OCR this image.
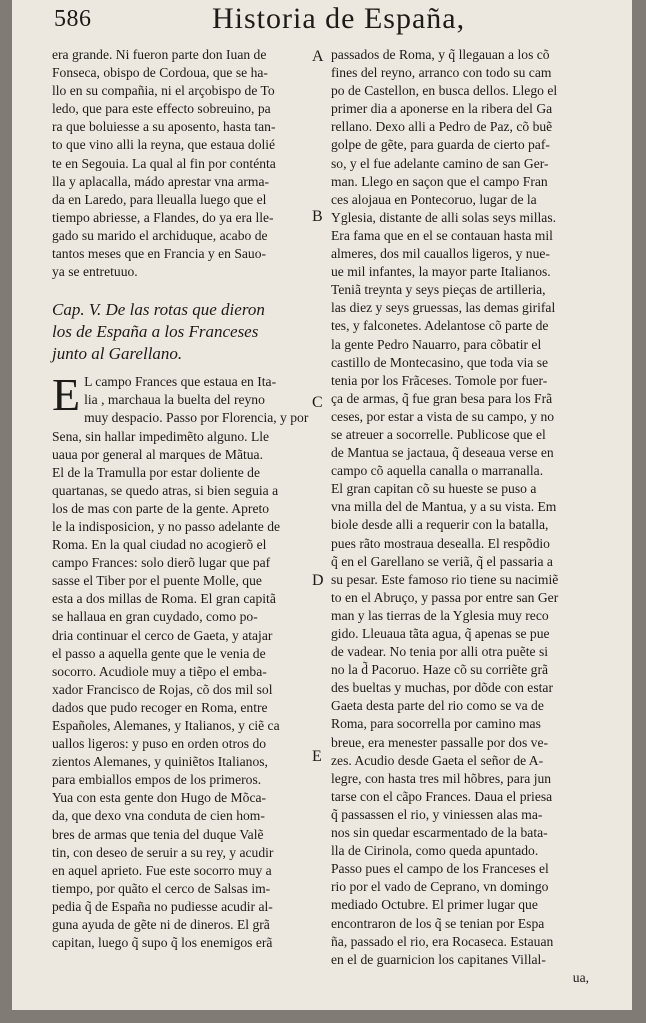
586	Historia de España,
A
B
C
D
E
era grande. Ni fueron parte don Iuan de
Fonseca, obispo de Cordoua, que se ha-
llo en su compañia, ni el arçobispo de To
ledo, que para este effecto sobreuino, pa
ra que boluiesse a su aposento, hasta tan-
to que vino alli la reyna, que estaua dolié
te en Segouia. La qual al fin por conténta
lla y aplacalla, mádo aprestar vna arma-
da en Laredo, para lleualla luego que el
tiempo abriesse, a Flandes, do ya era lle-
gado su marido el archiduque, acabo de
tantos meses que en Francia y en Sauo-
ya se entretuuo.
Cap. V. De las rotas que dieron
los de España a los Franceses
junto al Garellano.
E L campo Frances que estaua en Ita-
lia , marchaua la buelta del reyno
muy despacio. Passo por Florencia, y por
Sena, sin hallar impedimẽto alguno. Lle
uaua por general al marques de Mãtua.
El de la Tramulla por estar doliente de
quartanas, se quedo atras, si bien seguia a
los de mas con parte de la gente. Apreto
le la indisposicion, y no passo adelante de
Roma. En la qual ciudad no acogierõ el
campo Frances: solo dierõ lugar que paf
sasse el Tiber por el puente Molle, que
esta a dos millas de Roma. El gran capitã
se hallaua en gran cuydado, como po-
dria continuar el cerco de Gaeta, y atajar
el passo a aquella gente que le venia de
socorro. Acudiole muy a tiẽpo el emba-
xador Francisco de Rojas, cõ dos mil sol
dados que pudo recoger en Roma, entre
Españoles, Alemanes, y Italianos, y ciẽ ca
uallos ligeros: y puso en orden otros do
zientos Alemanes, y quiniẽtos Italianos,
para embiallos empos de los primeros.
Yua con esta gente don Hugo de Mõca-
da, que dexo vna conduta de cien hom-
bres de armas que tenia del duque Valẽ
tin, con deseo de seruir a su rey, y acudir
en aquel aprieto. Fue este socorro muy a
tiempo, por quãto el cerco de Salsas im-
pedia q̃ de España no pudiesse acudir al-
guna ayuda de gẽte ni de dineros. El grã
capitan, luego q̃ supo q̃ los enemigos erã
passados de Roma, y q̃ llegauan a los cõ
fines del reyno, arranco con todo su cam
po de Castellon, en busca dellos. Llego el
primer dia a aponerse en la ribera del Ga
rellano. Dexo alli a Pedro de Paz, cõ buẽ
golpe de gẽte, para guarda de cierto paf-
so, y el fue adelante camino de san Ger-
man. Llego en saçon que el campo Fran
ces alojaua en Pontecoruo, lugar de la
Yglesia, distante de alli solas seys millas.
Era fama que en el se contauan hasta mil
almeres, dos mil cauallos ligeros, y nue-
ue mil infantes, la mayor parte Italianos.
Teniã treynta y seys pieças de artilleria,
las diez y seys gruessas, las demas girifal
tes, y falconetes. Adelantose cõ parte de
la gente Pedro Nauarro, para cõbatir el
castillo de Montecasino, que toda via se
tenia por los Frãceses. Tomole por fuer-
ça de armas, q̃ fue gran besa para los Frã
ceses, por estar a vista de su campo, y no
se atreuer a socorrelle. Publicose que el
de Mantua se jactaua, q̃ deseaua verse en
campo cõ aquella canalla o marranalla.
El gran capitan cõ su hueste se puso a
vna milla del de Mantua, y a su vista. Em
biole desde alli a requerir con la batalla,
pues rãto mostraua desealla. El respõdio
q̃ en el Garellano se veriã, q̃ el passaria a
su pesar. Este famoso rio tiene su nacimiẽ
to en el Abruço, y passa por entre san Ger
man y las tierras de la Yglesia muy reco
gido. Lleuaua tãta agua, q̃ apenas se pue
de vadear. No tenia por alli otra puẽte si
no la d̃ Pacoruo. Haze cõ su corriẽte grã
des bueltas y muchas, por dõde con estar
Gaeta desta parte del rio como se va de
Roma, para socorrella por camino mas
breue, era menester passalle por dos ve-
zes. Acudio desde Gaeta el señor de A-
legre, con hasta tres mil hõbres, para jun
tarse con el cãpo Frances. Daua el priesa
q̃ passassen el rio, y viniessen alas ma-
nos sin quedar escarmentado de la bata-
lla de Cirinola, como queda apuntado.
Passo pues el campo de los Franceses el
rio por el vado de Ceprano, vn domingo
mediado Octubre. El primer lugar que
encontraron de los q̃ se tenian por Espa
ña, passado el rio, era Rocaseca. Estauan
en el de guarnicion los capitanes Villal-
ua,
